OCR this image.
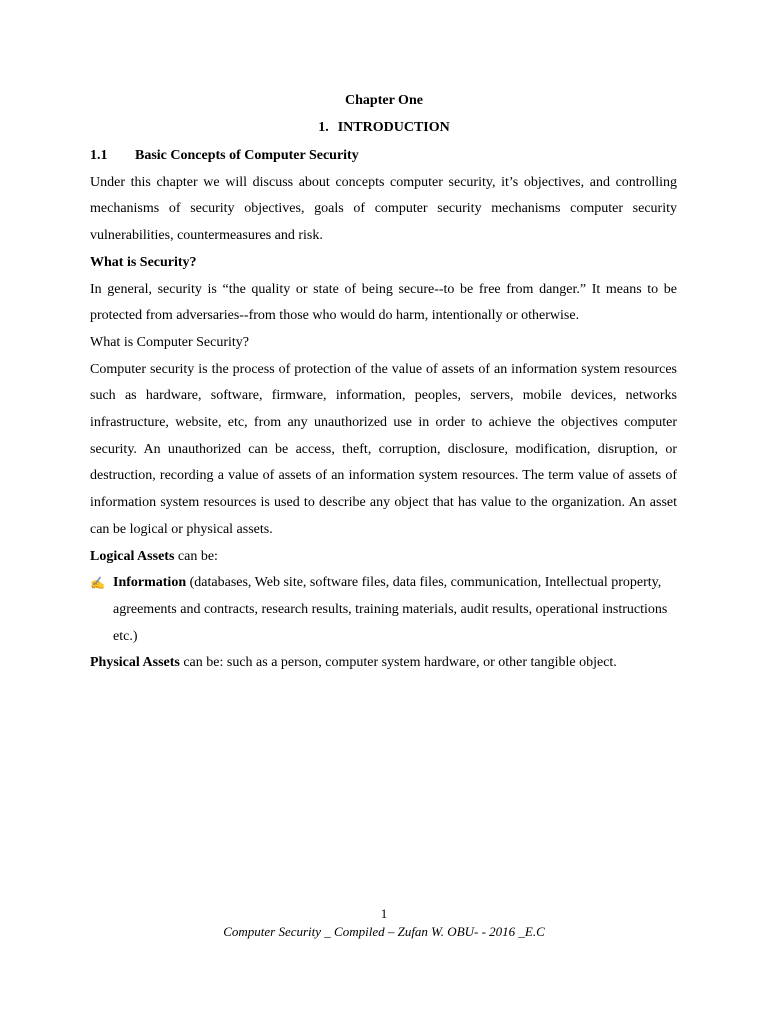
Chapter One
1. INTRODUCTION
1.1 Basic Concepts of Computer Security

Under this chapter we will discuss about concepts computer security, it’s objectives, and controlling mechanisms of security objectives, goals of computer security mechanisms computer security vulnerabilities, countermeasures and risk.

What is Security?

In general, security is “the quality or state of being secure--to be free from danger.” It means to be protected from adversaries--from those who would do harm, intentionally or otherwise.

What is Computer Security?

Computer security is the process of protection of the value of assets of an information system resources such as hardware, software, firmware, information, peoples, servers, mobile devices, networks infrastructure, website, etc, from any unauthorized use in order to achieve the objectives computer security. An unauthorized can be access, theft, corruption, disclosure, modification, disruption, or destruction, recording a value of assets of an information system resources. The term value of assets of information system resources is used to describe any object that has value to the organization. An asset can be logical or physical assets.

Logical Assets can be:

✍ Information (databases, Web site, software files, data files, communication, Intellectual property, agreements and contracts, research results, training materials, audit results, operational instructions etc.)

Physical Assets can be: such as a person, computer system hardware, or other tangible object.

1
Computer Security _ Compiled – Zufan W. OBU- - 2016 _E.C
